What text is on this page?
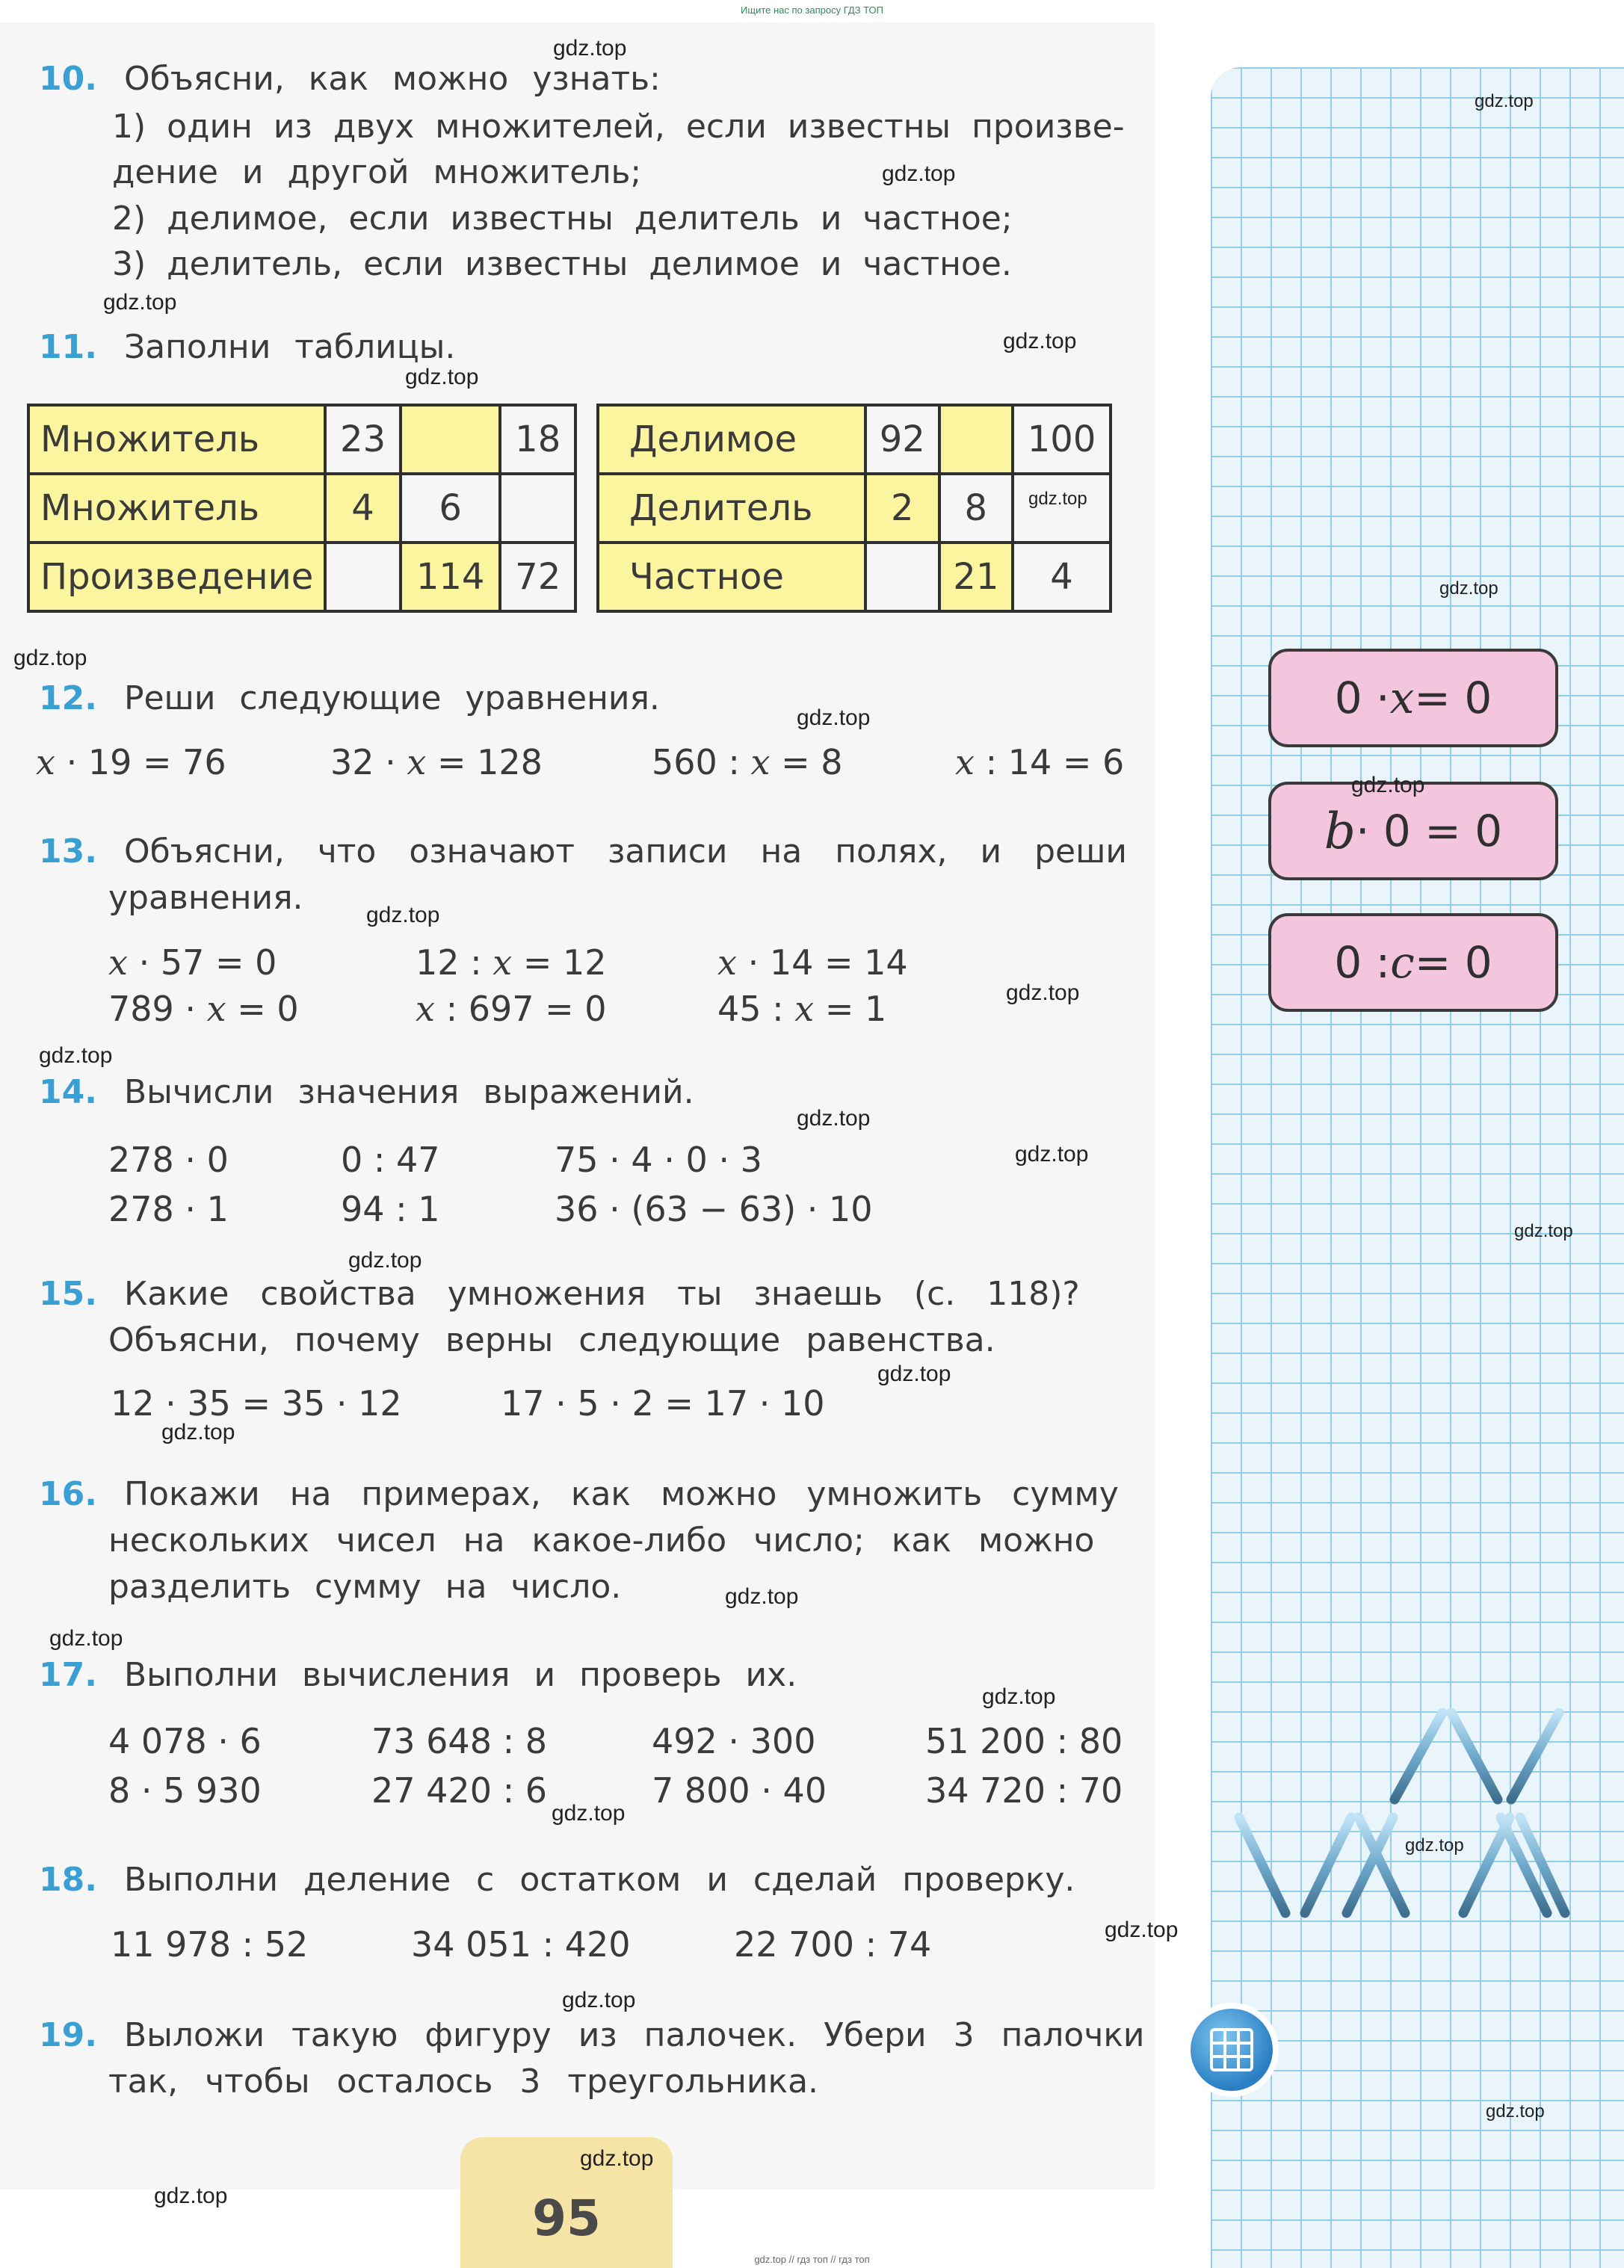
Ищите нас по запросу ГДЗ ТОП
10. Объясни, как можно узнать:
1) один из двух множителей, если известны произве-
дение и другой множитель;
2) делимое, если известны делитель и частное;
3) делитель, если известны делимое и частное.
11. Заполни таблицы.
Множитель	23		18
Множитель	4	6	
Произведение		114	72
Делимое	92		100
Делитель	2	8	
Частное		21	4
12. Реши следующие уравнения.
x · 19 = 76	32 · x = 128	560 : x = 8	x : 14 = 6
13. Объясни, что означают записи на полях, и реши
уравнения.
x · 57 = 0	12 : x = 12	x · 14 = 14
789 · x = 0	x : 697 = 0	45 : x = 1
14. Вычисли значения выражений.
278 · 0	0 : 47	75 · 4 · 0 · 3
278 · 1	94 : 1	36 · (63 − 63) · 10
15. Какие свойства умножения ты знаешь (с. 118)?
Объясни, почему верны следующие равенства.
12 · 35 = 35 · 12	17 · 5 · 2 = 17 · 10
16. Покажи на примерах, как можно умножить сумму
нескольких чисел на какое-либо число; как можно
разделить сумму на число.
17. Выполни вычисления и проверь их.
4 078 · 6	73 648 : 8	492 · 300	51 200 : 80
8 · 5 930	27 420 : 6	7 800 · 40	34 720 : 70
18. Выполни деление с остатком и сделай проверку.
11 978 : 52	34 051 : 420	22 700 : 74
19. Выложи такую фигуру из палочек. Убери 3 палочки
так, чтобы осталось 3 треугольника.
0 · x = 0
b · 0 = 0
0 : c = 0
95
gdz.top
gdz.top
gdz.top
gdz.top
gdz.top
gdz.top
gdz.top
gdz.top
gdz.top
gdz.top
gdz.top
gdz.top
gdz.top
gdz.top
gdz.top
gdz.top
gdz.top
gdz.top
gdz.top
gdz.top
gdz.top
gdz.top
gdz.top
gdz.top
gdz.top
gdz.top
gdz.top
gdz.top
gdz.top
gdz.top
gdz.top // гдз топ // гдз топ
